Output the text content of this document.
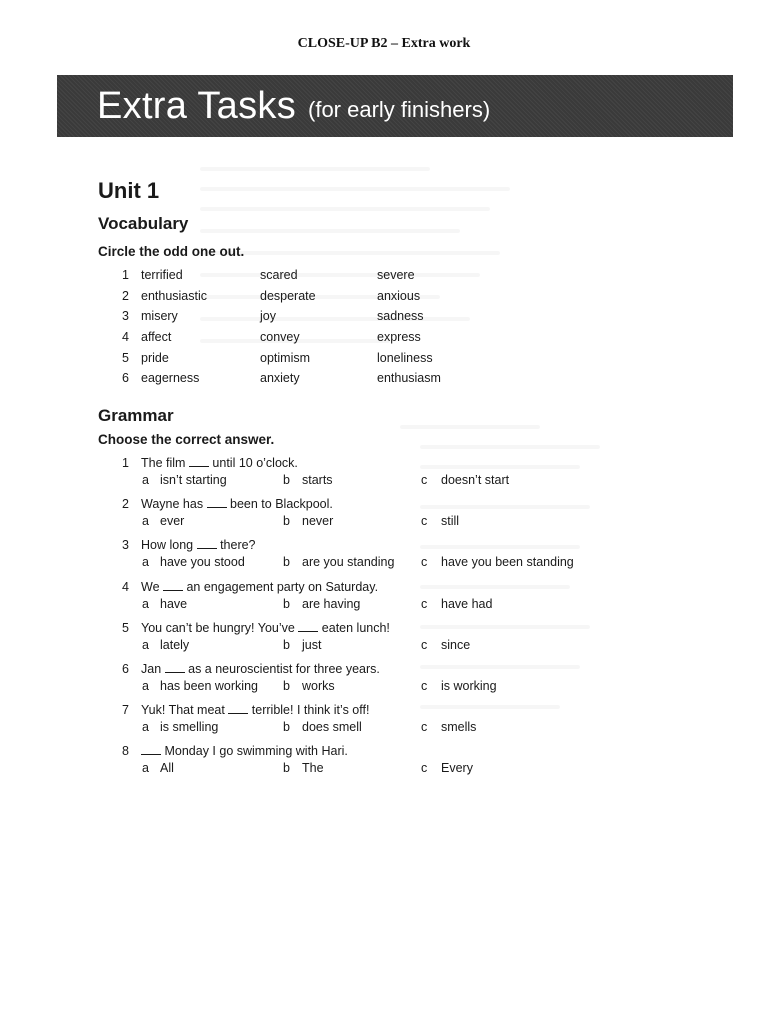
CLOSE-UP B2 – Extra work
Extra Tasks (for early finishers)
Unit 1
Vocabulary
Circle the odd one out.
1 terrified	scared	severe
2 enthusiastic	desperate	anxious
3 misery	joy	sadness
4 affect	convey	express
5 pride	optimism	loneliness
6 eagerness	anxiety	enthusiasm
Grammar
Choose the correct answer.
1 The film  until 10 o’clock.
a isn’t starting	b starts	c doesn’t start
2 Wayne has  been to Blackpool.
a ever	b never	c still
3 How long  there?
a have you stood	b are you standing c have you been standing
4 We  an engagement party on Saturday.
a have	b are having	c have had
5 You can’t be hungry! You’ve  eaten lunch!
a lately	b just	c since
6 Jan  as a neuroscientist for three years.
a has been working b works	c is working
7 Yuk! That meat  terrible! I think it’s off!
a is smelling	b does smell	c smells
8	Monday I go swimming with Hari.
a All	b The	c Every
